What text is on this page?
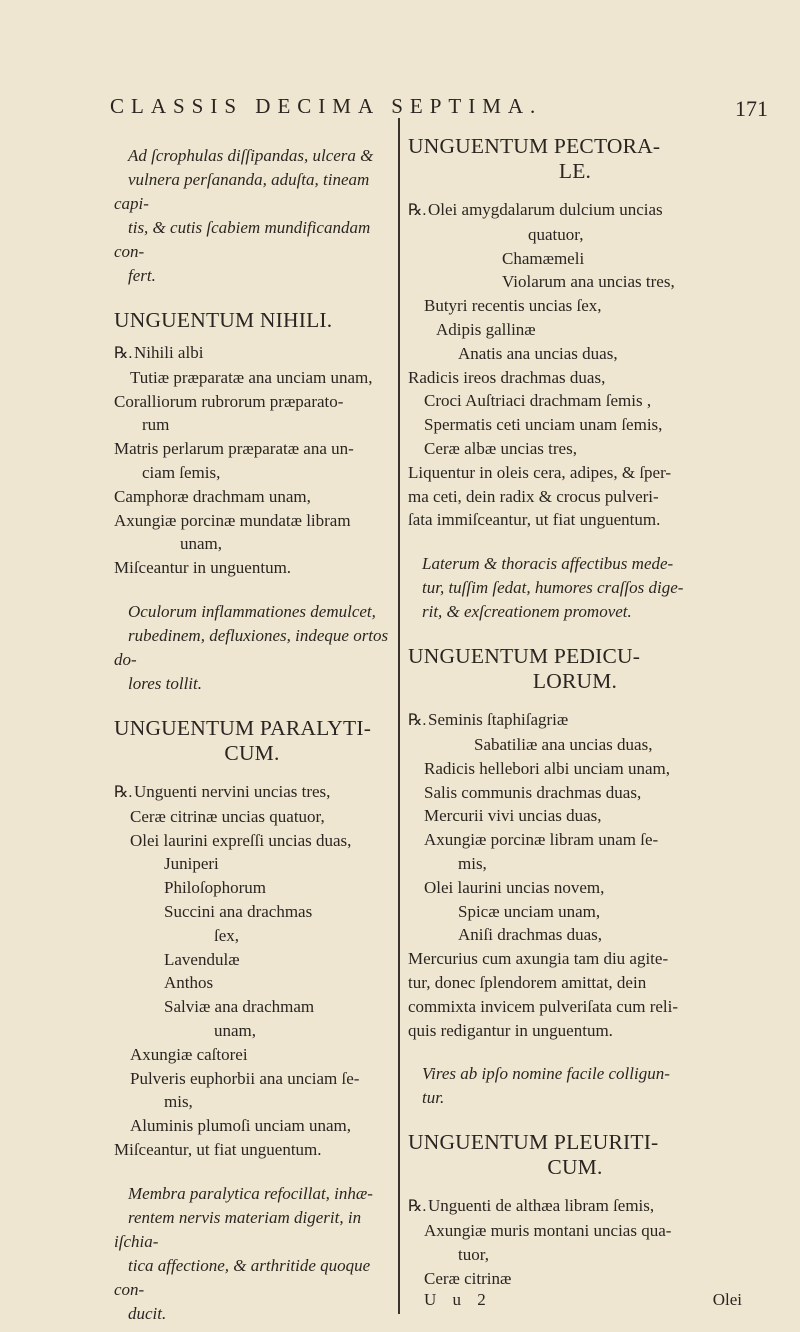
CLASSIS DECIMA SEPTIMA.	171

Ad ſcrophulas diſſipandas, ulcera &
vulnera perſananda, aduſta, tineam capi-
tis, & cutis ſcabiem mundificandam con-
fert.

UNGUENTUM NIHILI.
℞.Nihili albi
Tutiæ præparatæ ana unciam unam,
Coralliorum rubrorum præparato-
rum
Matris perlarum præparatæ ana un-
ciam ſemis,
Camphoræ drachmam unam,
Axungiæ porcinæ mundatæ libram
unam,
Miſceantur in unguentum.

Oculorum inflammationes demulcet,
rubedinem, defluxiones, indeque ortos do-
lores tollit.

UNGUENTUM PARALYTI-
CUM.
℞.Unguenti nervini uncias tres,
Ceræ citrinæ uncias quatuor,
Olei laurini expreſſi uncias duas,
Juniperi
Philoſophorum
Succini ana drachmas
ſex,
Lavendulæ
Anthos
Salviæ ana drachmam
unam,
Axungiæ caſtorei
Pulveris euphorbii ana unciam ſe-
mis,
Aluminis plumoſi unciam unam,
Miſceantur, ut fiat unguentum.

Membra paralytica refocillat, inhæ-
rentem nervis materiam digerit, in iſchia-
tica affectione, & arthritide quoque con-
ducit.

UNGUENTUM PECTORA-
LE.
℞.Olei amygdalarum dulcium uncias
quatuor,
Chamæmeli
Violarum ana uncias tres,
Butyri recentis uncias ſex,
Adipis gallinæ
Anatis ana uncias duas,
Radicis ireos drachmas duas,
Croci Auſtriaci drachmam ſemis ,
Spermatis ceti unciam unam ſemis,
Ceræ albæ uncias tres,
Liquentur in oleis cera, adipes, & ſper-
ma ceti, dein radix & crocus pulveri-
ſata immiſceantur, ut fiat unguentum.

Laterum & thoracis affectibus mede-
tur, tuſſim ſedat, humores craſſos dige-
rit, & exſcreationem promovet.

UNGUENTUM PEDICU-
LORUM.
℞.Seminis ſtaphiſagriæ
Sabatiliæ ana uncias duas,
Radicis hellebori albi unciam unam,
Salis communis drachmas duas,
Mercurii vivi uncias duas,
Axungiæ porcinæ libram unam ſe-
mis,
Olei laurini uncias novem,
Spicæ unciam unam,
Aniſi drachmas duas,
Mercurius cum axungia tam diu agite-
tur, donec ſplendorem amittat, dein
commixta invicem pulveriſata cum reli-
quis redigantur in unguentum.

Vires ab ipſo nomine facile colligun-
tur.

UNGUENTUM PLEURITI-
CUM.
℞.Unguenti de althæa libram ſemis,
Axungiæ muris montani uncias qua-
tuor,
Ceræ citrinæ
U u 2	Olei
